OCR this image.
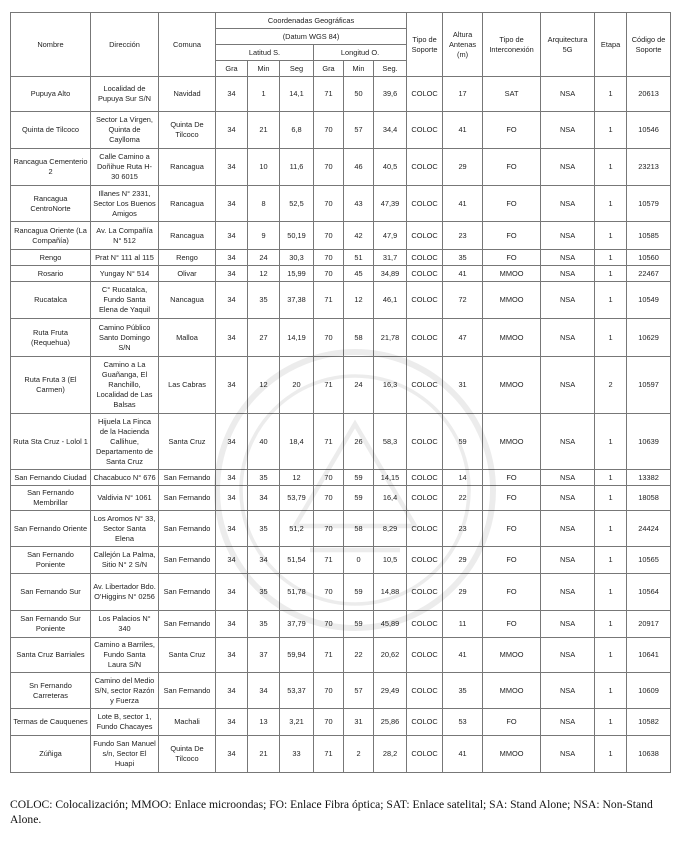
Nombre	Dirección	Comuna	Coordenadas Geográficas						Tipo de Soporte	Altura Antenas (m)	Tipo de Interconexión	Arquitectura 5G	Etapa	Código de Soporte
			(Datum WGS 84)											
			Latitud S.			Longitud O.								
			Gra	Min	Seg	Gra	Min	Seg.						
Pupuya Alto	Localidad de Pupuya Sur S/N	Navidad	34	1	14,1	71	50	39,6	COLOC	17	SAT	NSA	1	20613
Quinta de Tilcoco	Sector La Virgen, Quinta de Caylloma	Quinta De Tilcoco	34	21	6,8	70	57	34,4	COLOC	41	FO	NSA	1	10546
Rancagua Cementerio 2	Calle Camino a Doñihue Ruta H-30 6015	Rancagua	34	10	11,6	70	46	40,5	COLOC	29	FO	NSA	1	23213
Rancagua CentroNorte	Illanes N° 2331, Sector Los Buenos Amigos	Rancagua	34	8	52,5	70	43	47,39	COLOC	41	FO	NSA	1	10579
Rancagua Oriente (La Compañía)	Av. La Compañía N° 512	Rancagua	34	9	50,19	70	42	47,9	COLOC	23	FO	NSA	1	10585
Rengo	Prat N° 111 al 115	Rengo	34	24	30,3	70	51	31,7	COLOC	35	FO	NSA	1	10560
Rosario	Yungay N° 514	Olivar	34	12	15,99	70	45	34,89	COLOC	41	MMOO	NSA	1	22467
Rucatalca	C° Rucatalca, Fundo Santa Elena de Yaquil	Nancagua	34	35	37,38	71	12	46,1	COLOC	72	MMOO	NSA	1	10549
Ruta Fruta (Requehua)	Camino Público Santo Domingo S/N	Malloa	34	27	14,19	70	58	21,78	COLOC	47	MMOO	NSA	1	10629
Ruta Fruta 3 (El Carmen)	Camino a La Guañanga, El Ranchillo, Localidad de Las Balsas	Las Cabras	34	12	20	71	24	16,3	COLOC	31	MMOO	NSA	2	10597
Ruta Sta Cruz - Lolol 1	Hijuela La Finca de la Hacienda Callihue, Departamento de Santa Cruz	Santa Cruz	34	40	18,4	71	26	58,3	COLOC	59	MMOO	NSA	1	10639
San Fernando Ciudad	Chacabuco N° 676	San Fernando	34	35	12	70	59	14,15	COLOC	14	FO	NSA	1	13382
San Fernando Membrillar	Valdivia N° 1061	San Fernando	34	34	53,79	70	59	16,4	COLOC	22	FO	NSA	1	18058
San Fernando Oriente	Los Aromos N° 33, Sector Santa Elena	San Fernando	34	35	51,2	70	58	8,29	COLOC	23	FO	NSA	1	24424
San Fernando Poniente	Callejón La Palma, Sitio N° 2 S/N	San Fernando	34	34	51,54	71	0	10,5	COLOC	29	FO	NSA	1	10565
San Fernando Sur	Av. Libertador Bdo. O'Higgins N° 0256	San Fernando	34	35	51,78	70	59	14,88	COLOC	29	FO	NSA	1	10564
San Fernando Sur Poniente	Los Palacios N° 340	San Fernando	34	35	37,79	70	59	45,89	COLOC	11	FO	NSA	1	20917
Santa Cruz Barriales	Camino a Barriles, Fundo Santa Laura S/N	Santa Cruz	34	37	59,94	71	22	20,62	COLOC	41	MMOO	NSA	1	10641
Sn Fernando Carreteras	Camino del Medio S/N, sector Razón y Fuerza	San Fernando	34	34	53,37	70	57	29,49	COLOC	35	MMOO	NSA	1	10609
Termas de Cauquenes	Lote B, sector 1, Fundo Chacayes	Machali	34	13	3,21	70	31	25,86	COLOC	53	FO	NSA	1	10582
Zúñiga	Fundo San Manuel s/n, Sector El Huapi	Quinta De Tilcoco	34	21	33	71	2	28,2	COLOC	41	MMOO	NSA	1	10638
COLOC: Colocalización; MMOO: Enlace microondas; FO: Enlace Fibra óptica; SAT: Enlace satelital; SA: Stand Alone; NSA: Non-Stand Alone.
